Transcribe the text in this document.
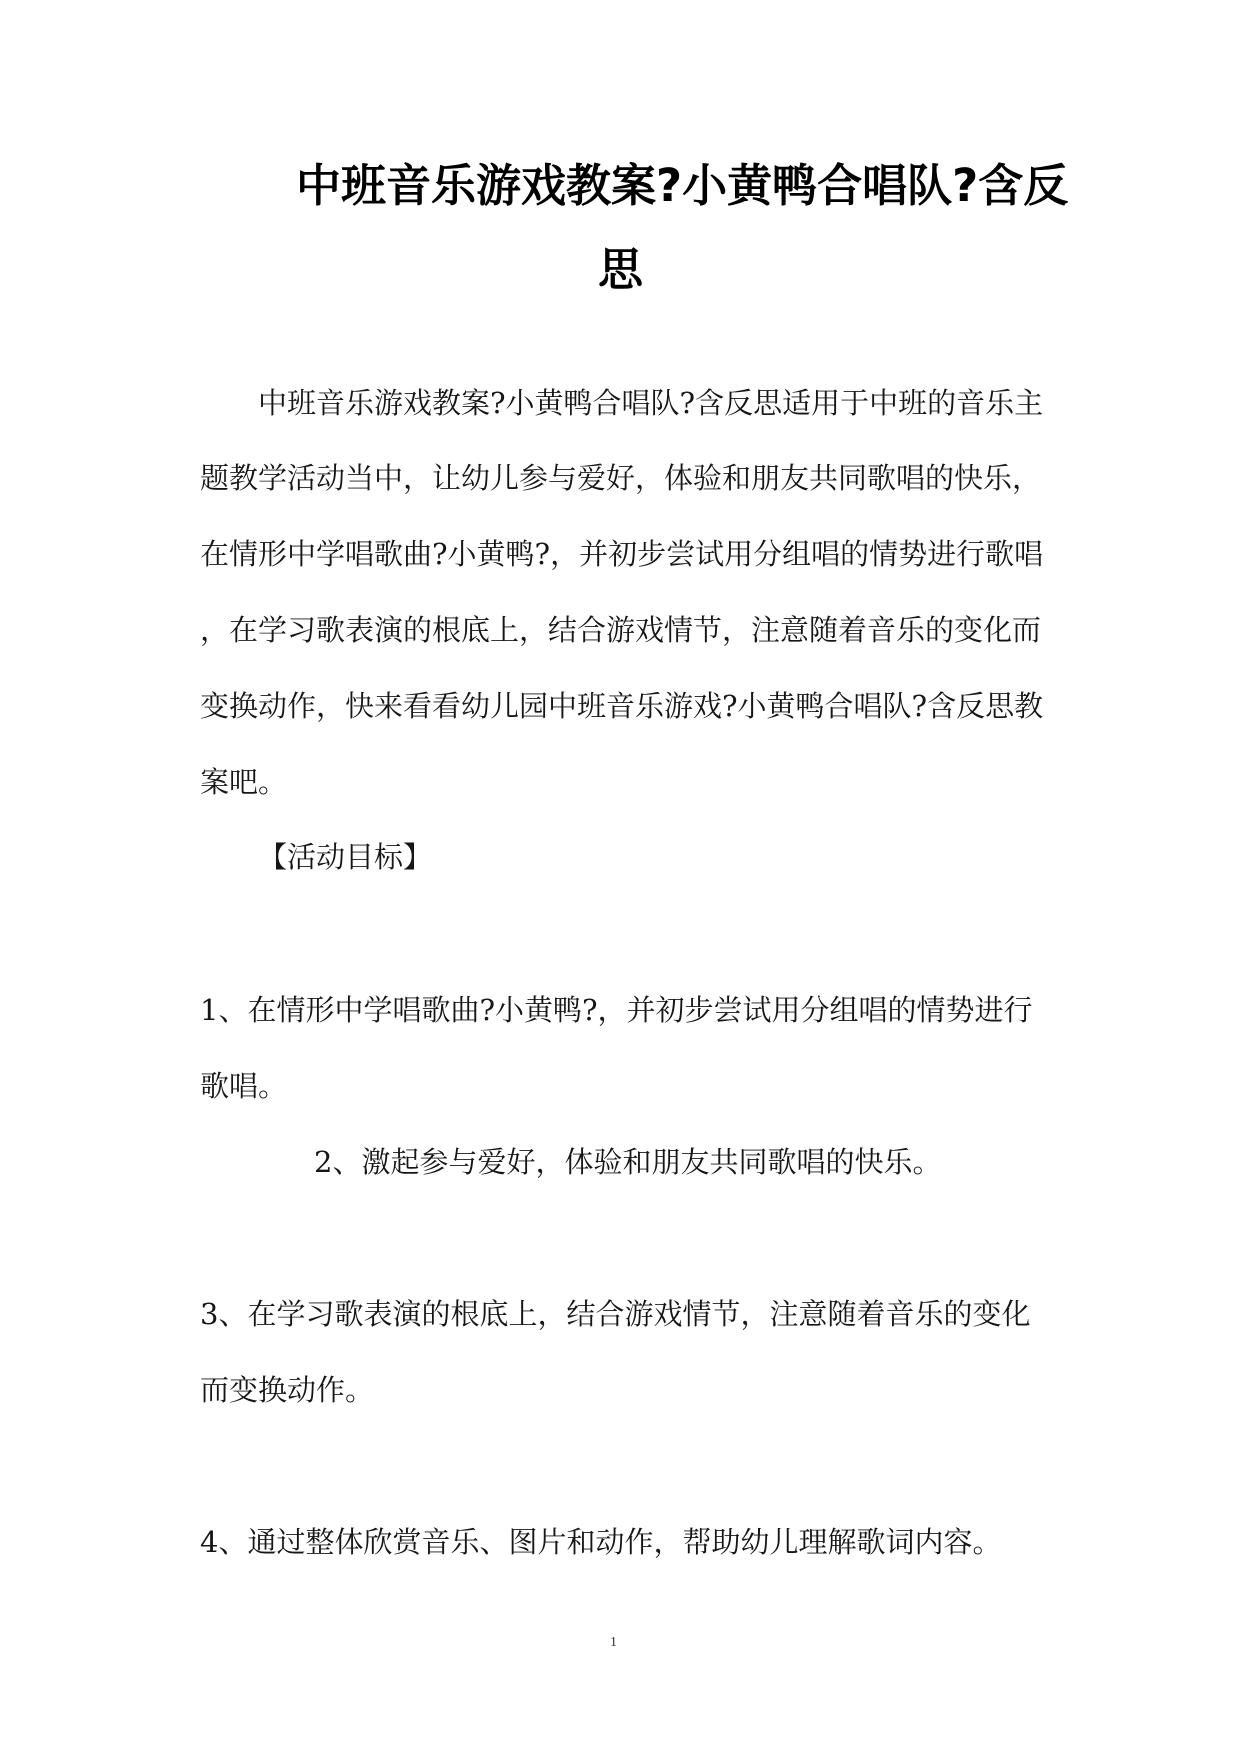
中班音乐游戏教案?小黄鸭合唱队?含反
思
中班音乐游戏教案?小黄鸭合唱队?含反思适用于中班的音乐主
题教学活动当中，让幼儿参与爱好，体验和朋友共同歌唱的快乐，
在情形中学唱歌曲?小黄鸭?，并初步尝试用分组唱的情势进行歌唱
，在学习歌表演的根底上，结合游戏情节，注意随着音乐的变化而
变换动作，快来看看幼儿园中班音乐游戏?小黄鸭合唱队?含反思教
案吧。
【活动目标】
1、在情形中学唱歌曲?小黄鸭?，并初步尝试用分组唱的情势进行
歌唱。
2、激起参与爱好，体验和朋友共同歌唱的快乐。
3、在学习歌表演的根底上，结合游戏情节，注意随着音乐的变化
而变换动作。
4、通过整体欣赏音乐、图片和动作，帮助幼儿理解歌词内容。
1
